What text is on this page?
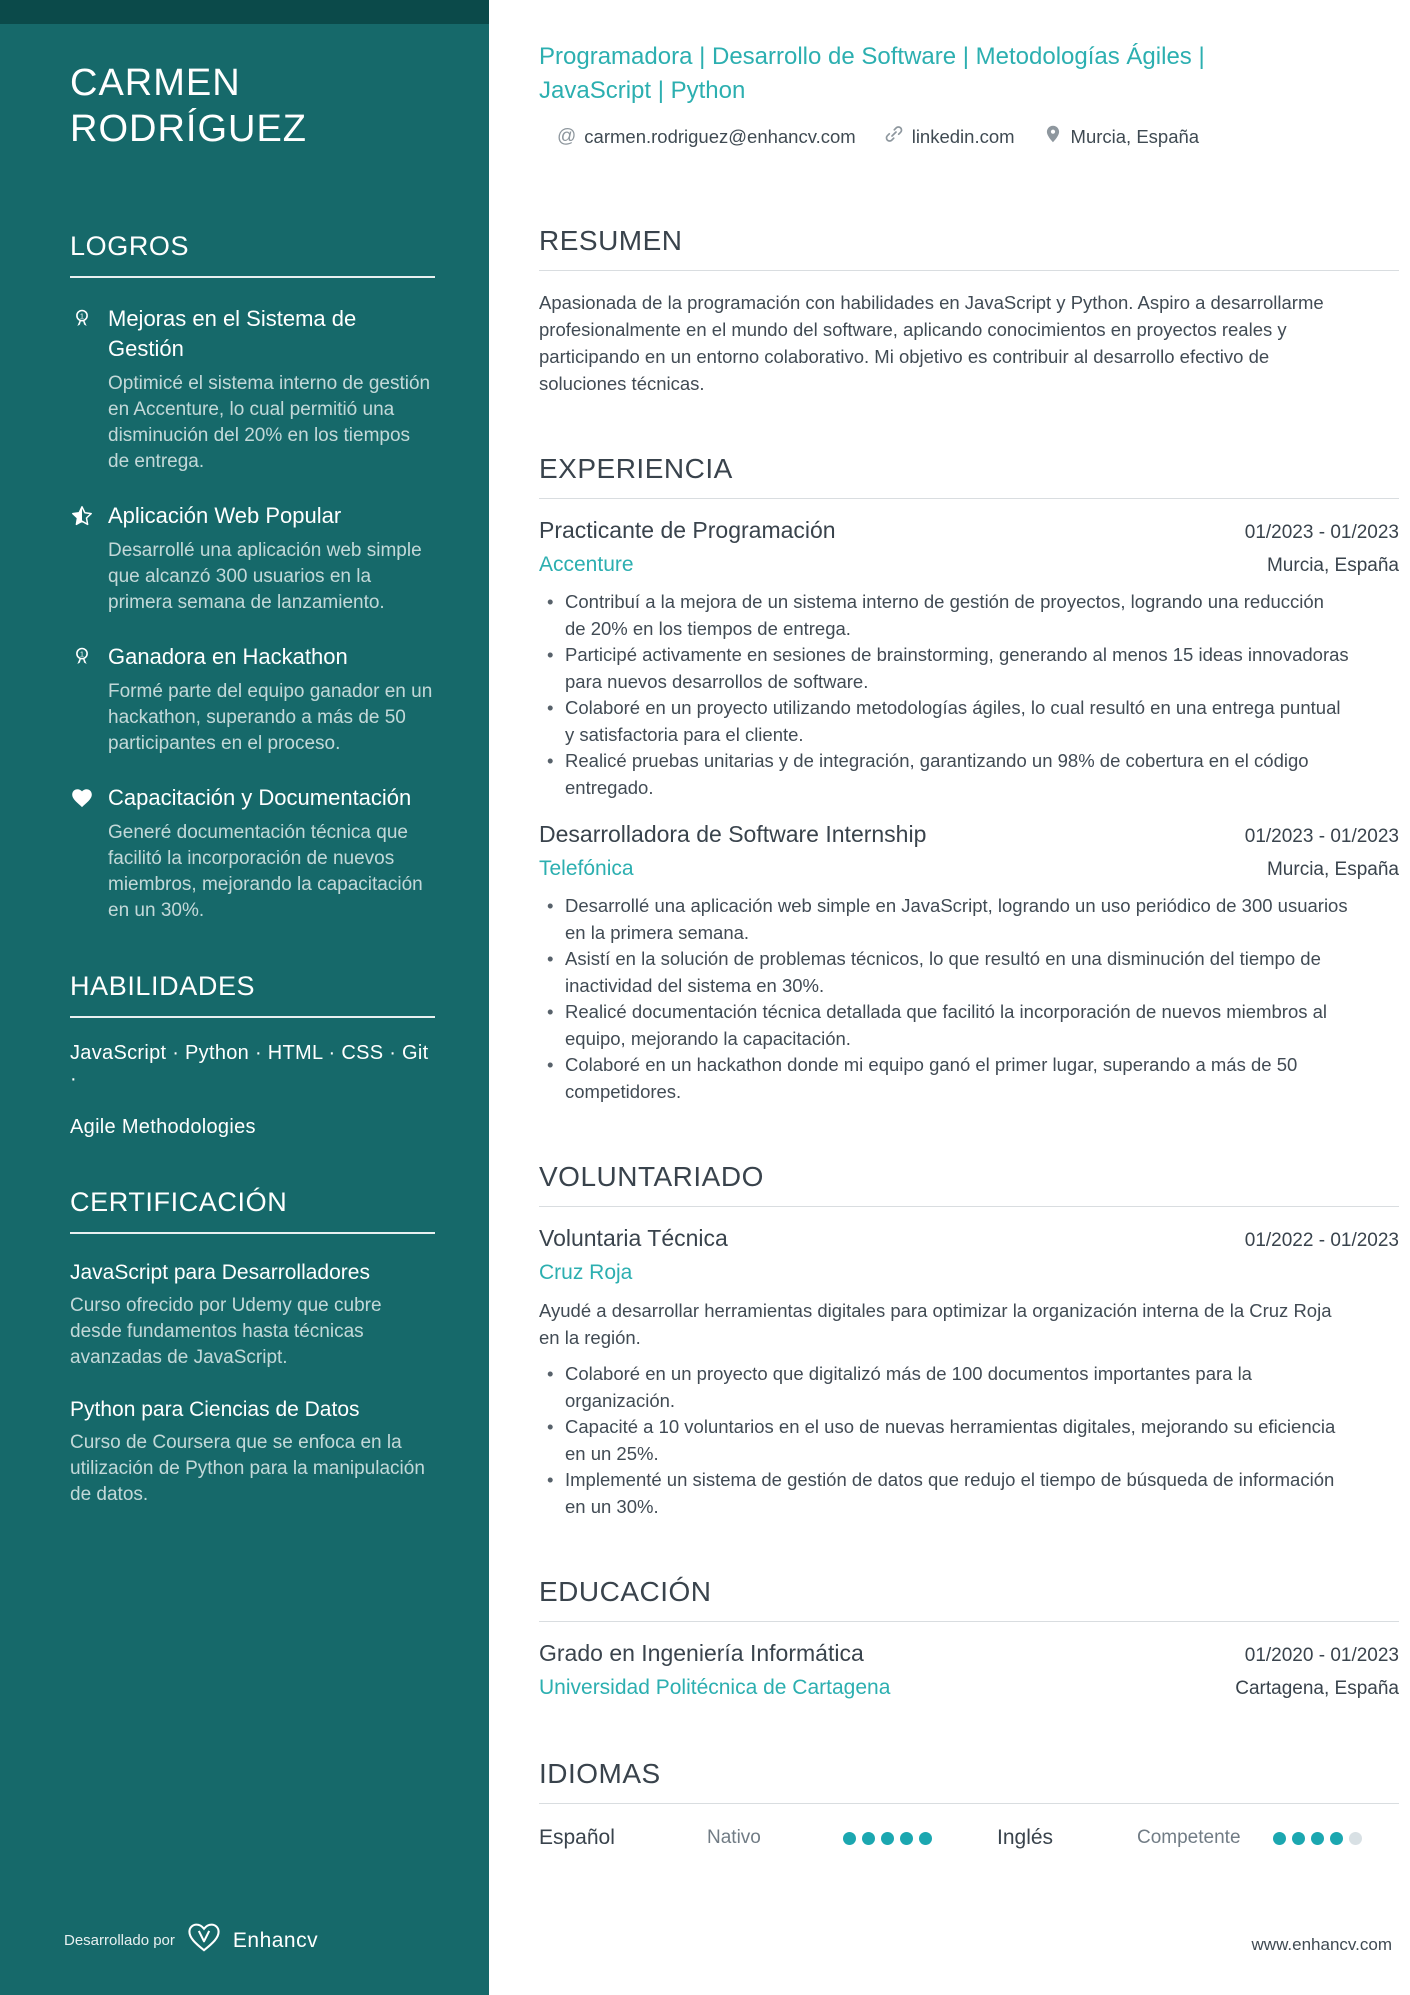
CARMEN RODRÍGUEZ
LOGROS
1 Mejoras en el Sistema de Gestión
Optimicé el sistema interno de gestión en Accenture, lo cual permitió una disminución del 20% en los tiempos de entrega.
Aplicación Web Popular
Desarrollé una aplicación web simple que alcanzó 300 usuarios en la primera semana de lanzamiento.
1 Ganadora en Hackathon
Formé parte del equipo ganador en un hackathon, superando a más de 50 participantes en el proceso.
Capacitación y Documentación
Generé documentación técnica que facilitó la incorporación de nuevos miembros, mejorando la capacitación en un 30%.
HABILIDADES
JavaScript · Python · HTML · CSS · Git ·
Agile Methodologies
CERTIFICACIÓN
JavaScript para Desarrolladores
Curso ofrecido por Udemy que cubre desde fundamentos hasta técnicas avanzadas de JavaScript.
Python para Ciencias de Datos
Curso de Coursera que se enfoca en la utilización de Python para la manipulación de datos.
Desarrollado por	Enhancv
Programadora | Desarrollo de Software | Metodologías Ágiles | JavaScript | Python
@ carmen.rodriguez@enhancv.com	linkedin.com	Murcia, España
RESUMEN

Apasionada de la programación con habilidades en JavaScript y Python. Aspiro a desarrollarme profesionalmente en el mundo del software, aplicando conocimientos en proyectos reales y participando en un entorno colaborativo. Mi objetivo es contribuir al desarrollo efectivo de soluciones técnicas.

EXPERIENCIA
Practicante de Programación	01/2023 - 01/2023
Accenture	Murcia, España
• Contribuí a la mejora de un sistema interno de gestión de proyectos, logrando una reducción de 20% en los tiempos de entrega.
• Participé activamente en sesiones de brainstorming, generando al menos 15 ideas innovadoras para nuevos desarrollos de software.
• Colaboré en un proyecto utilizando metodologías ágiles, lo cual resultó en una entrega puntual y satisfactoria para el cliente.
• Realicé pruebas unitarias y de integración, garantizando un 98% de cobertura en el código entregado.
Desarrolladora de Software Internship	01/2023 - 01/2023
Telefónica	Murcia, España
• Desarrollé una aplicación web simple en JavaScript, logrando un uso periódico de 300 usuarios en la primera semana.
• Asistí en la solución de problemas técnicos, lo que resultó en una disminución del tiempo de inactividad del sistema en 30%.
• Realicé documentación técnica detallada que facilitó la incorporación de nuevos miembros al equipo, mejorando la capacitación.
• Colaboré en un hackathon donde mi equipo ganó el primer lugar, superando a más de 50 competidores.
VOLUNTARIADO
Voluntaria Técnica	01/2022 - 01/2023
Cruz Roja

Ayudé a desarrollar herramientas digitales para optimizar la organización interna de la Cruz Roja en la región.

• Colaboré en un proyecto que digitalizó más de 100 documentos importantes para la organización.
• Capacité a 10 voluntarios en el uso de nuevas herramientas digitales, mejorando su eficiencia en un 25%.
• Implementé un sistema de gestión de datos que redujo el tiempo de búsqueda de información en un 30%.
EDUCACIÓN
Grado en Ingeniería Informática	01/2020 - 01/2023
Universidad Politécnica de Cartagena	Cartagena, España
IDIOMAS
Español	Nativo	Inglés	Competente
www.enhancv.com
